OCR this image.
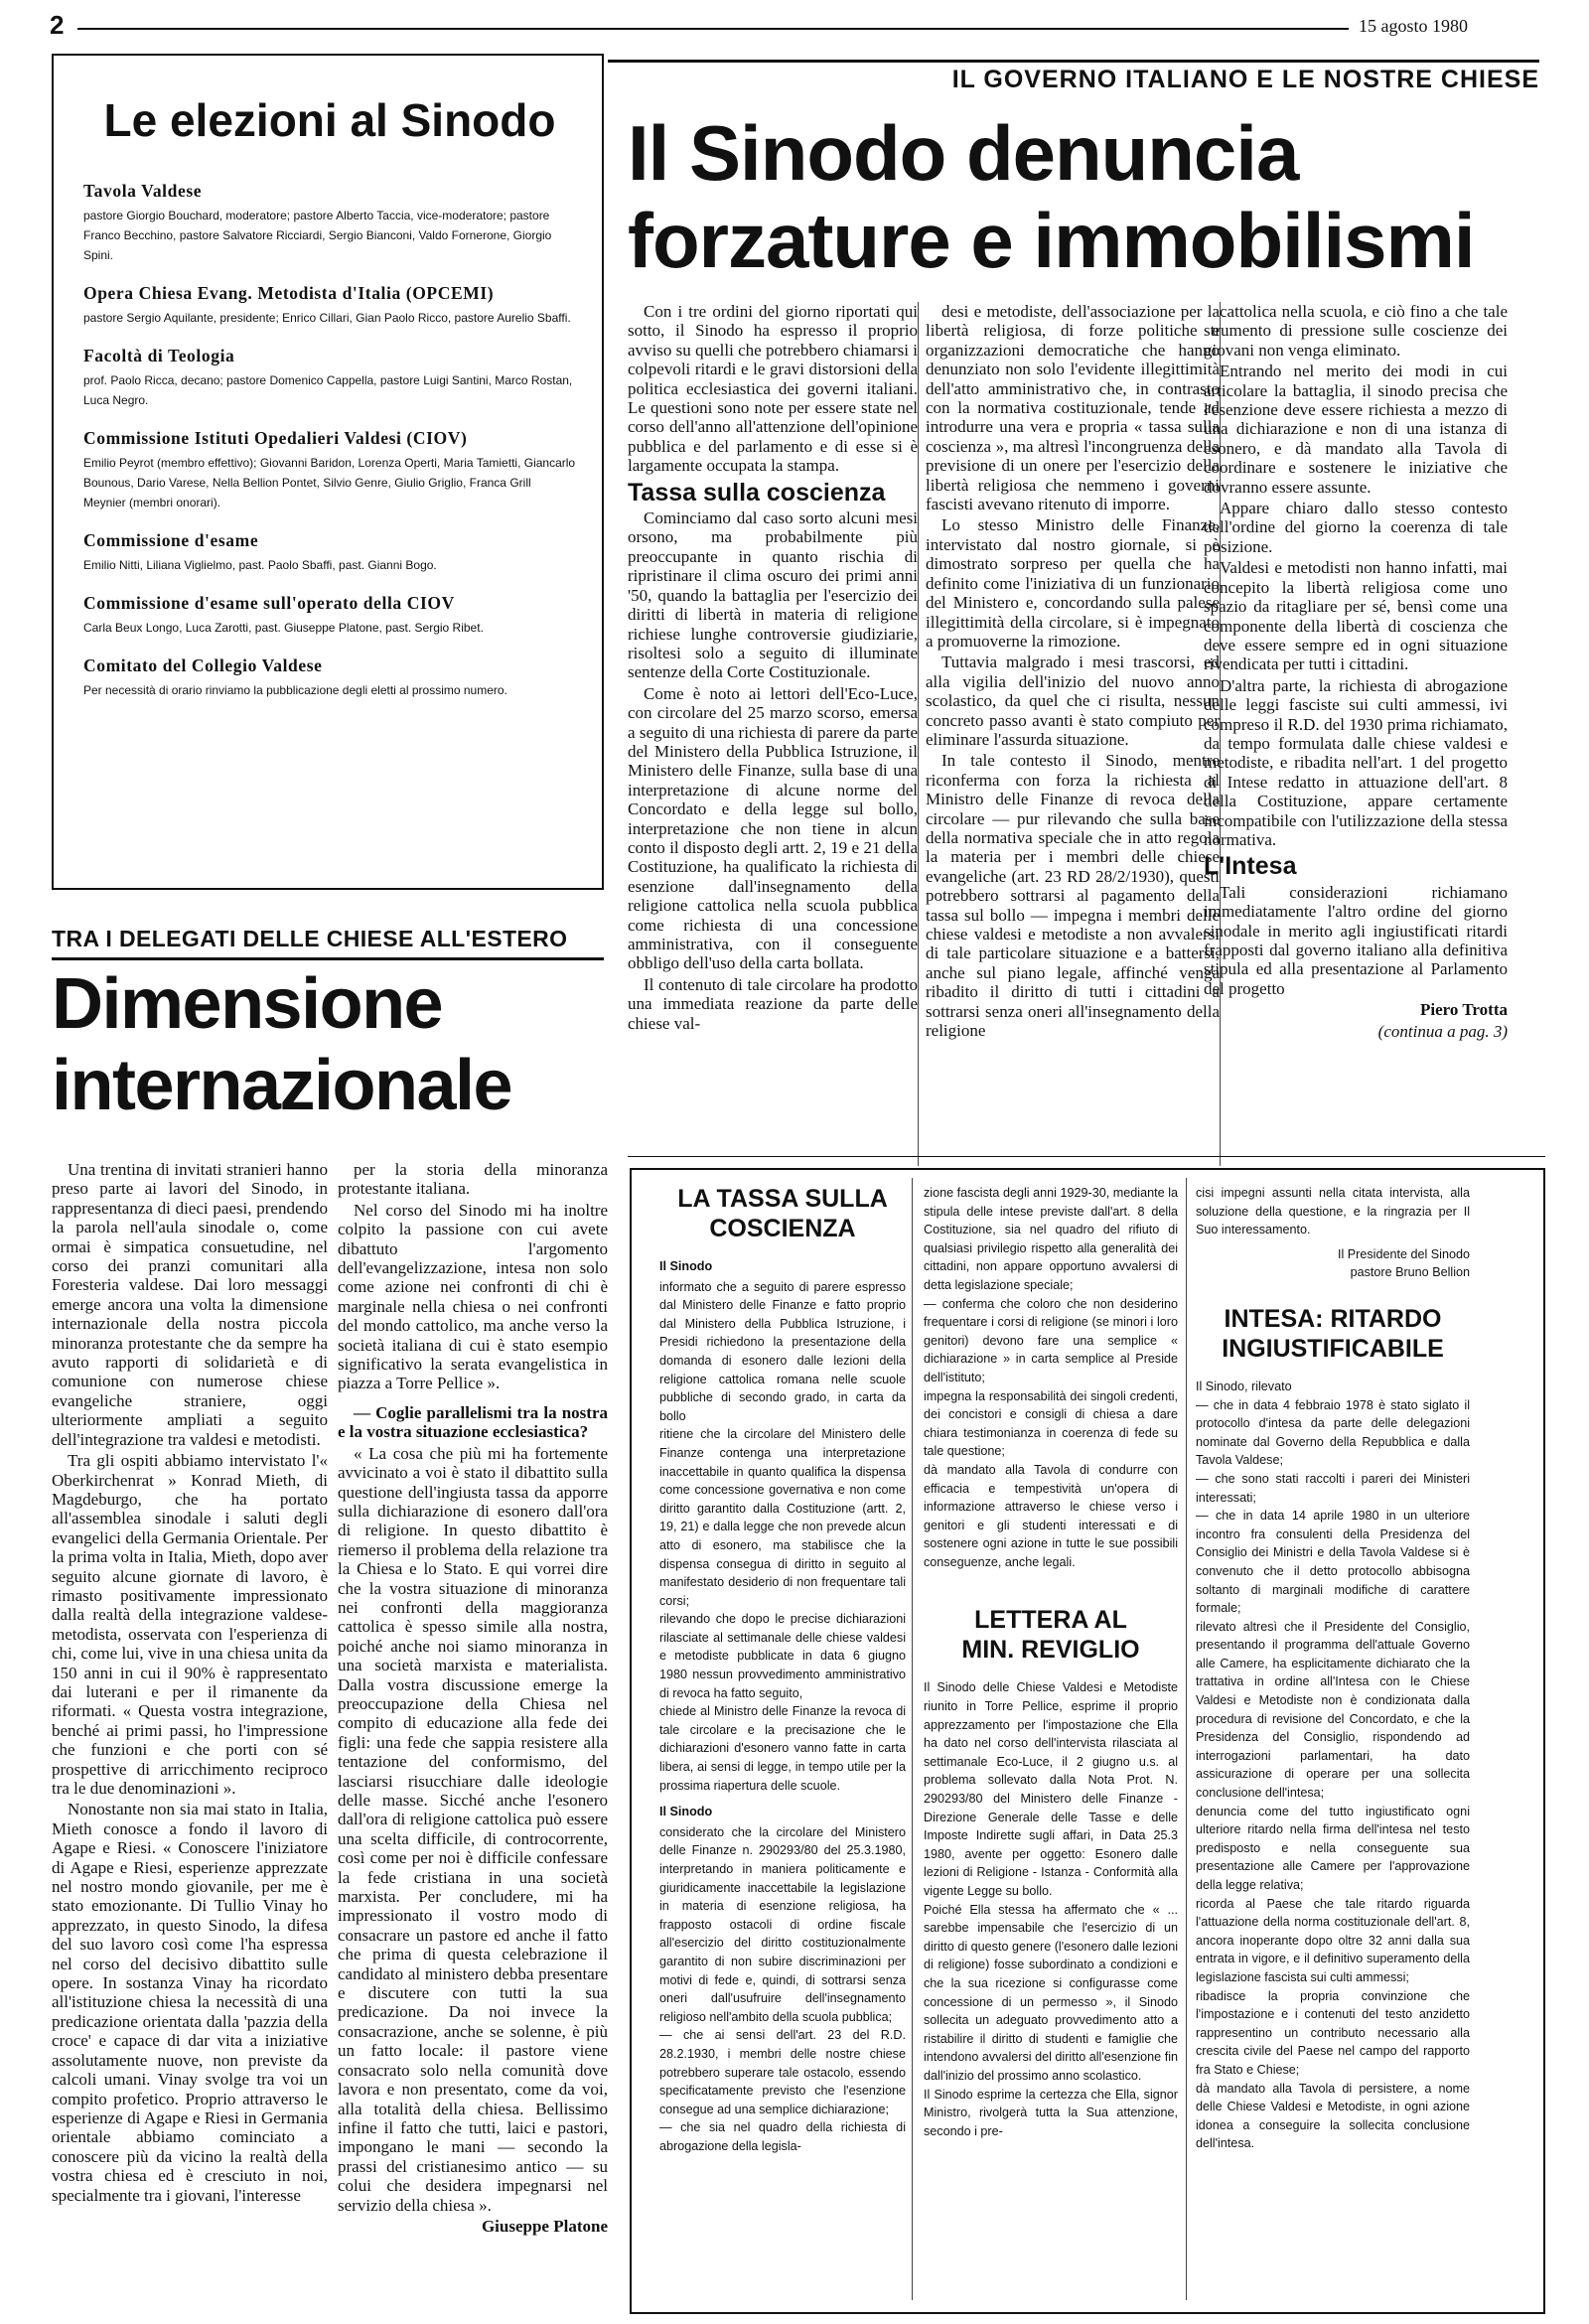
2	15 agosto 1980
Le elezioni al Sinodo

Tavola Valdese

pastore Giorgio Bouchard, moderatore; pastore Alberto Taccia, vice-moderatore; pastore Franco Becchino, pastore Salvatore Ricciardi, Sergio Bianconi, Valdo Fornerone, Giorgio Spini.

Opera Chiesa Evang. Metodista d'Italia (OPCEMI)

pastore Sergio Aquilante, presidente; Enrico Cillari, Gian Paolo Ricco, pastore Aurelio Sbaffi.

Facoltà di Teologia

prof. Paolo Ricca, decano; pastore Domenico Cappella, pastore Luigi Santini, Marco Rostan, Luca Negro.

Commissione Istituti Opedalieri Valdesi (CIOV)

Emilio Peyrot (membro effettivo); Giovanni Baridon, Lorenza Operti, Maria Tamietti, Giancarlo Bounous, Dario Varese, Nella Bellion Pontet, Silvio Genre, Giulio Griglio, Franca Grill Meynier (membri onorari).

Commissione d'esame

Emilio Nitti, Liliana Viglielmo, past. Paolo Sbaffi, past. Gianni Bogo.

Commissione d'esame sull'operato della CIOV

Carla Beux Longo, Luca Zarotti, past. Giuseppe Platone, past. Sergio Ribet.

Comitato del Collegio Valdese

Per necessità di orario rinviamo la pubblicazione degli eletti al prossimo numero.

IL GOVERNO ITALIANO E LE NOSTRE CHIESE
Il Sinodo denuncia
forzature e immobilismi

Con i tre ordini del giorno riportati qui sotto, il Sinodo ha espresso il proprio avviso su quelli che potrebbero chiamarsi i colpevoli ritardi e le gravi distorsioni della politica ecclesiastica dei governi italiani. Le questioni sono note per essere state nel corso dell'anno all'attenzione dell'opinione pubblica e del parlamento e di esse si è largamente occupata la stampa.

Tassa sulla coscienza

Cominciamo dal caso sorto alcuni mesi orsono, ma probabilmente più preoccupante in quanto rischia di ripristinare il clima oscuro dei primi anni '50, quando la battaglia per l'esercizio dei diritti di libertà in materia di religione richiese lunghe controversie giudiziarie, risoltesi solo a seguito di illuminate sentenze della Corte Costituzionale.

Come è noto ai lettori dell'Eco-Luce, con circolare del 25 marzo scorso, emersa a seguito di una richiesta di parere da parte del Ministero della Pubblica Istruzione, il Ministero delle Finanze, sulla base di una interpretazione di alcune norme del Concordato e della legge sul bollo, interpretazione che non tiene in alcun conto il disposto degli artt. 2, 19 e 21 della Costituzione, ha qualificato la richiesta di esenzione dall'insegnamento della religione cattolica nella scuola pubblica come richiesta di una concessione amministrativa, con il conseguente obbligo dell'uso della carta bollata.

Il contenuto di tale circolare ha prodotto una immediata reazione da parte delle chiese val-

desi e metodiste, dell'associazione per la libertà religiosa, di forze politiche e organizzazioni democratiche che hanno denunziato non solo l'evidente illegittimità dell'atto amministrativo che, in contrasto con la normativa costituzionale, tende ad introdurre una vera e propria « tassa sulla coscienza », ma altresì l'incongruenza della previsione di un onere per l'esercizio della libertà religiosa che nemmeno i governi fascisti avevano ritenuto di imporre.

Lo stesso Ministro delle Finanze, intervistato dal nostro giornale, si è dimostrato sorpreso per quella che ha definito come l'iniziativa di un funzionario del Ministero e, concordando sulla palese illegittimità della circolare, si è impegnato a promuoverne la rimozione.

Tuttavia malgrado i mesi trascorsi, ed alla vigilia dell'inizio del nuovo anno scolastico, da quel che ci risulta, nessun concreto passo avanti è stato compiuto per eliminare l'assurda situazione.

In tale contesto il Sinodo, mentre riconferma con forza la richiesta al Ministro delle Finanze di revoca della circolare — pur rilevando che sulla base della normativa speciale che in atto regola la materia per i membri delle chiese evangeliche (art. 23 RD 28/2/1930), questi potrebbero sottrarsi al pagamento della tassa sul bollo — impegna i membri delle chiese valdesi e metodiste a non avvalersi di tale particolare situazione e a battersi, anche sul piano legale, affinché venga ribadito il diritto di tutti i cittadini a sottrarsi senza oneri all'insegnamento della religione

cattolica nella scuola, e ciò fino a che tale strumento di pressione sulle coscienze dei giovani non venga eliminato.

Entrando nel merito dei modi in cui articolare la battaglia, il sinodo precisa che l'esenzione deve essere richiesta a mezzo di una dichiarazione e non di una istanza di esonero, e dà mandato alla Tavola di coordinare e sostenere le iniziative che dovranno essere assunte.

Appare chiaro dallo stesso contesto dell'ordine del giorno la coerenza di tale posizione.

Valdesi e metodisti non hanno infatti, mai concepito la libertà religiosa come uno spazio da ritagliare per sé, bensì come una componente della libertà di coscienza che deve essere sempre ed in ogni situazione rivendicata per tutti i cittadini.

D'altra parte, la richiesta di abrogazione delle leggi fasciste sui culti ammessi, ivi compreso il R.D. del 1930 prima richiamato, da tempo formulata dalle chiese valdesi e metodiste, e ribadita nell'art. 1 del progetto di Intese redatto in attuazione dell'art. 8 della Costituzione, appare certamente incompatibile con l'utilizzazione della stessa normativa.

L'Intesa

Tali considerazioni richiamano immediatamente l'altro ordine del giorno sinodale in merito agli ingiustificati ritardi frapposti dal governo italiano alla definitiva stipula ed alla presentazione al Parlamento del progetto

Piero Trotta

(continua a pag. 3)

TRA I DELEGATI DELLE CHIESE ALL'ESTERO
Dimensione
internazionale

Una trentina di invitati stranieri hanno preso parte ai lavori del Sinodo, in rappresentanza di dieci paesi, prendendo la parola nell'aula sinodale o, come ormai è simpatica consuetudine, nel corso dei pranzi comunitari alla Foresteria valdese. Dai loro messaggi emerge ancora una volta la dimensione internazionale della nostra piccola minoranza protestante che da sempre ha avuto rapporti di solidarietà e di comunione con numerose chiese evangeliche straniere, oggi ulteriormente ampliati a seguito dell'integrazione tra valdesi e metodisti.

Tra gli ospiti abbiamo intervistato l'« Oberkirchenrat » Konrad Mieth, di Magdeburgo, che ha portato all'assemblea sinodale i saluti degli evangelici della Germania Orientale. Per la prima volta in Italia, Mieth, dopo aver seguito alcune giornate di lavoro, è rimasto positivamente impressionato dalla realtà della integrazione valdese-metodista, osservata con l'esperienza di chi, come lui, vive in una chiesa unita da 150 anni in cui il 90% è rappresentato dai luterani e per il rimanente da riformati. « Questa vostra integrazione, benché ai primi passi, ho l'impressione che funzioni e che porti con sé prospettive di arricchimento reciproco tra le due denominazioni ».

Nonostante non sia mai stato in Italia, Mieth conosce a fondo il lavoro di Agape e Riesi. « Conoscere l'iniziatore di Agape e Riesi, esperienze apprezzate nel nostro mondo giovanile, per me è stato emozionante. Di Tullio Vinay ho apprezzato, in questo Sinodo, la difesa del suo lavoro così come l'ha espressa nel corso del decisivo dibattito sulle opere. In sostanza Vinay ha ricordato all'istituzione chiesa la necessità di una predicazione orientata dalla 'pazzia della croce' e capace di dar vita a iniziative assolutamente nuove, non previste da calcoli umani. Vinay svolge tra voi un compito profetico. Proprio attraverso le esperienze di Agape e Riesi in Germania orientale abbiamo cominciato a conoscere più da vicino la realtà della vostra chiesa ed è cresciuto in noi, specialmente tra i giovani, l'interesse

per la storia della minoranza protestante italiana.

Nel corso del Sinodo mi ha inoltre colpito la passione con cui avete dibattuto l'argomento dell'evangelizzazione, intesa non solo come azione nei confronti di chi è marginale nella chiesa o nei confronti del mondo cattolico, ma anche verso la società italiana di cui è stato esempio significativo la serata evangelistica in piazza a Torre Pellice ».

— Coglie parallelismi tra la nostra e la vostra situazione ecclesiastica?

« La cosa che più mi ha fortemente avvicinato a voi è stato il dibattito sulla questione dell'ingiusta tassa da apporre sulla dichiarazione di esonero dall'ora di religione. In questo dibattito è riemerso il problema della relazione tra la Chiesa e lo Stato. E qui vorrei dire che la vostra situazione di minoranza nei confronti della maggioranza cattolica è spesso simile alla nostra, poiché anche noi siamo minoranza in una società marxista e materialista. Dalla vostra discussione emerge la preoccupazione della Chiesa nel compito di educazione alla fede dei figli: una fede che sappia resistere alla tentazione del conformismo, del lasciarsi risucchiare dalle ideologie delle masse. Sicché anche l'esonero dall'ora di religione cattolica può essere una scelta difficile, di controcorrente, così come per noi è difficile confessare la fede cristiana in una società marxista. Per concludere, mi ha impressionato il vostro modo di consacrare un pastore ed anche il fatto che prima di questa celebrazione il candidato al ministero debba presentare e discutere con tutti la sua predicazione. Da noi invece la consacrazione, anche se solenne, è più un fatto locale: il pastore viene consacrato solo nella comunità dove lavora e non presentato, come da voi, alla totalità della chiesa. Bellissimo infine il fatto che tutti, laici e pastori, impongano le mani — secondo la prassi del cristianesimo antico — su colui che desidera impegnarsi nel servizio della chiesa ».

Giuseppe Platone

LA TASSA SULLA
COSCIENZA

Il Sinodo

informato che a seguito di parere espresso dal Ministero delle Finanze e fatto proprio dal Ministero della Pubblica Istruzione, i Presidi richiedono la presentazione della domanda di esonero dalle lezioni della religione cattolica romana nelle scuole pubbliche di secondo grado, in carta da bollo

ritiene che la circolare del Ministero delle Finanze contenga una interpretazione inaccettabile in quanto qualifica la dispensa come concessione governativa e non come diritto garantito dalla Costituzione (artt. 2, 19, 21) e dalla legge che non prevede alcun atto di esonero, ma stabilisce che la dispensa consegua di diritto in seguito al manifestato desiderio di non frequentare tali corsi;

rilevando che dopo le precise dichiarazioni rilasciate al settimanale delle chiese valdesi e metodiste pubblicate in data 6 giugno 1980 nessun provvedimento amministrativo di revoca ha fatto seguito,

chiede al Ministro delle Finanze la revoca di tale circolare e la precisazione che le dichiarazioni d'esonero vanno fatte in carta libera, ai sensi di legge, in tempo utile per la prossima riapertura delle scuole.

Il Sinodo

considerato che la circolare del Ministero delle Finanze n. 290293/80 del 25.3.1980, interpretando in maniera politicamente e giuridicamente inaccettabile la legislazione in materia di esenzione religiosa, ha frapposto ostacoli di ordine fiscale all'esercizio del diritto costituzionalmente garantito di non subire discriminazioni per motivi di fede e, quindi, di sottrarsi senza oneri dall'usufruire dell'insegnamento religioso nell'ambito della scuola pubblica;

— che ai sensi dell'art. 23 del R.D. 28.2.1930, i membri delle nostre chiese potrebbero superare tale ostacolo, essendo specificatamente previsto che l'esenzione consegue ad una semplice dichiarazione;

— che sia nel quadro della richiesta di abrogazione della legisla-

zione fascista degli anni 1929-30, mediante la stipula delle intese previste dall'art. 8 della Costituzione, sia nel quadro del rifiuto di qualsiasi privilegio rispetto alla generalità dei cittadini, non appare opportuno avvalersi di detta legislazione speciale;

— conferma che coloro che non desiderino frequentare i corsi di religione (se minori i loro genitori) devono fare una semplice « dichiarazione » in carta semplice al Preside dell'istituto;

impegna la responsabilità dei singoli credenti, dei concistori e consigli di chiesa a dare chiara testimonianza in coerenza di fede su tale questione;

dà mandato alla Tavola di condurre con efficacia e tempestività un'opera di informazione attraverso le chiese verso i genitori e gli studenti interessati e di sostenere ogni azione in tutte le sue possibili conseguenze, anche legali.

LETTERA AL
MIN. REVIGLIO

Il Sinodo delle Chiese Valdesi e Metodiste riunito in Torre Pellice, esprime il proprio apprezzamento per l'impostazione che Ella ha dato nel corso dell'intervista rilasciata al settimanale Eco-Luce, il 2 giugno u.s. al problema sollevato dalla Nota Prot. N. 290293/80 del Ministero delle Finanze - Direzione Generale delle Tasse e delle Imposte Indirette sugli affari, in Data 25.3 1980, avente per oggetto: Esonero dalle lezioni di Religione - Istanza - Conformità alla vigente Legge su bollo.

Poiché Ella stessa ha affermato che « ... sarebbe impensabile che l'esercizio di un diritto di questo genere (l'esonero dalle lezioni di religione) fosse subordinato a condizioni e che la sua ricezione si configurasse come concessione di un permesso », il Sinodo sollecita un adeguato provvedimento atto a ristabilire il diritto di studenti e famiglie che intendono avvalersi del diritto all'esenzione fin dall'inizio del prossimo anno scolastico.

Il Sinodo esprime la certezza che Ella, signor Ministro, rivolgerà tutta la Sua attenzione, secondo i pre-

cisi impegni assunti nella citata intervista, alla soluzione della questione, e la ringrazia per Il Suo interessamento.

Il Presidente del Sinodo

pastore Bruno Bellion

INTESA: RITARDO
INGIUSTIFICABILE

Il Sinodo, rilevato

— che in data 4 febbraio 1978 è stato siglato il protocollo d'intesa da parte delle delegazioni nominate dal Governo della Repubblica e dalla Tavola Valdese;

— che sono stati raccolti i pareri dei Ministeri interessati;

— che in data 14 aprile 1980 in un ulteriore incontro fra consulenti della Presidenza del Consiglio dei Ministri e della Tavola Valdese si è convenuto che il detto protocollo abbisogna soltanto di marginali modifiche di carattere formale;

rilevato altresì che il Presidente del Consiglio, presentando il programma dell'attuale Governo alle Camere, ha esplicitamente dichiarato che la trattativa in ordine all'Intesa con le Chiese Valdesi e Metodiste non è condizionata dalla procedura di revisione del Concordato, e che la Presidenza del Consiglio, rispondendo ad interrogazioni parlamentari, ha dato assicurazione di operare per una sollecita conclusione dell'intesa;

denuncia come del tutto ingiustificato ogni ulteriore ritardo nella firma dell'intesa nel testo predisposto e nella conseguente sua presentazione alle Camere per l'approvazione della legge relativa;

ricorda al Paese che tale ritardo riguarda l'attuazione della norma costituzionale dell'art. 8, ancora inoperante dopo oltre 32 anni dalla sua entrata in vigore, e il definitivo superamento della legislazione fascista sui culti ammessi;

ribadisce la propria convinzione che l'impostazione e i contenuti del testo anzidetto rappresentino un contributo necessario alla crescita civile del Paese nel campo del rapporto fra Stato e Chiese;

dà mandato alla Tavola di persistere, a nome delle Chiese Valdesi e Metodiste, in ogni azione idonea a conseguire la sollecita conclusione dell'intesa.
